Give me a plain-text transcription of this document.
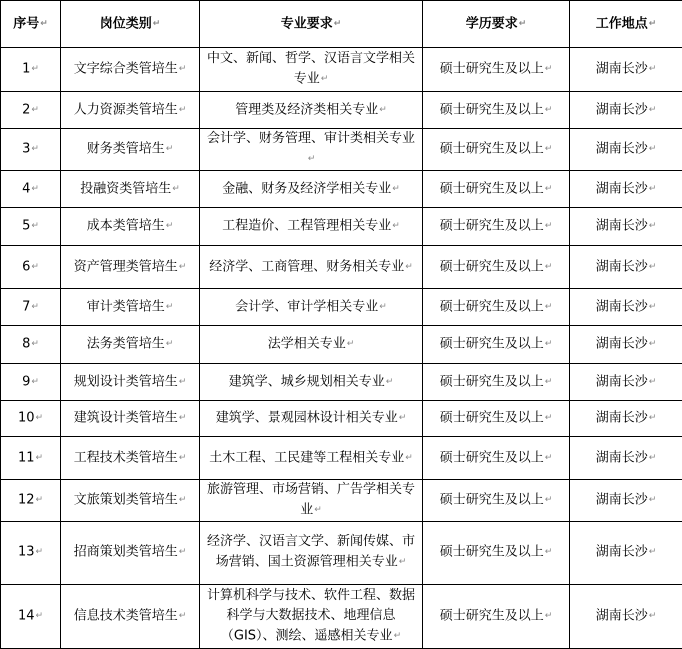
序号↵	岗位类别↵	专业要求↵	学历要求↵	工作地点↵
1↵	文字综合类管培生↵	中文、新闻、哲学、汉语言文学相关专业↵	硕士研究生及以上↵	湖南长沙↵
2↵	人力资源类管培生↵	管理类及经济类相关专业↵	硕士研究生及以上↵	湖南长沙↵
3↵	财务类管培生↵	会计学、财务管理、审计类相关专业↵	硕士研究生及以上↵	湖南长沙↵
4↵	投融资类管培生↵	金融、财务及经济学相关专业↵	硕士研究生及以上↵	湖南长沙↵
5↵	成本类管培生↵	工程造价、工程管理相关专业↵	硕士研究生及以上↵	湖南长沙↵
6↵	资产管理类管培生↵	经济学、工商管理、财务相关专业↵	硕士研究生及以上↵	湖南长沙↵
7↵	审计类管培生↵	会计学、审计学相关专业↵	硕士研究生及以上↵	湖南长沙↵
8↵	法务类管培生↵	法学相关专业↵	硕士研究生及以上↵	湖南长沙↵
9↵	规划设计类管培生↵	建筑学、城乡规划相关专业↵	硕士研究生及以上↵	湖南长沙↵
10↵	建筑设计类管培生↵	建筑学、景观园林设计相关专业↵	硕士研究生及以上↵	湖南长沙↵
11↵	工程技术类管培生↵	土木工程、工民建等工程相关专业↵	硕士研究生及以上↵	湖南长沙↵
12↵	文旅策划类管培生↵	旅游管理、市场营销、广告学相关专业↵	硕士研究生及以上↵	湖南长沙↵
13↵	招商策划类管培生↵	经济学、汉语言文学、新闻传媒、市场营销、国土资源管理相关专业↵	硕士研究生及以上↵	湖南长沙↵
14↵	信息技术类管培生↵	计算机科学与技术、软件工程、数据科学与大数据技术、地理信息（GIS）、测绘、遥感相关专业↵	硕士研究生及以上↵	湖南长沙↵
